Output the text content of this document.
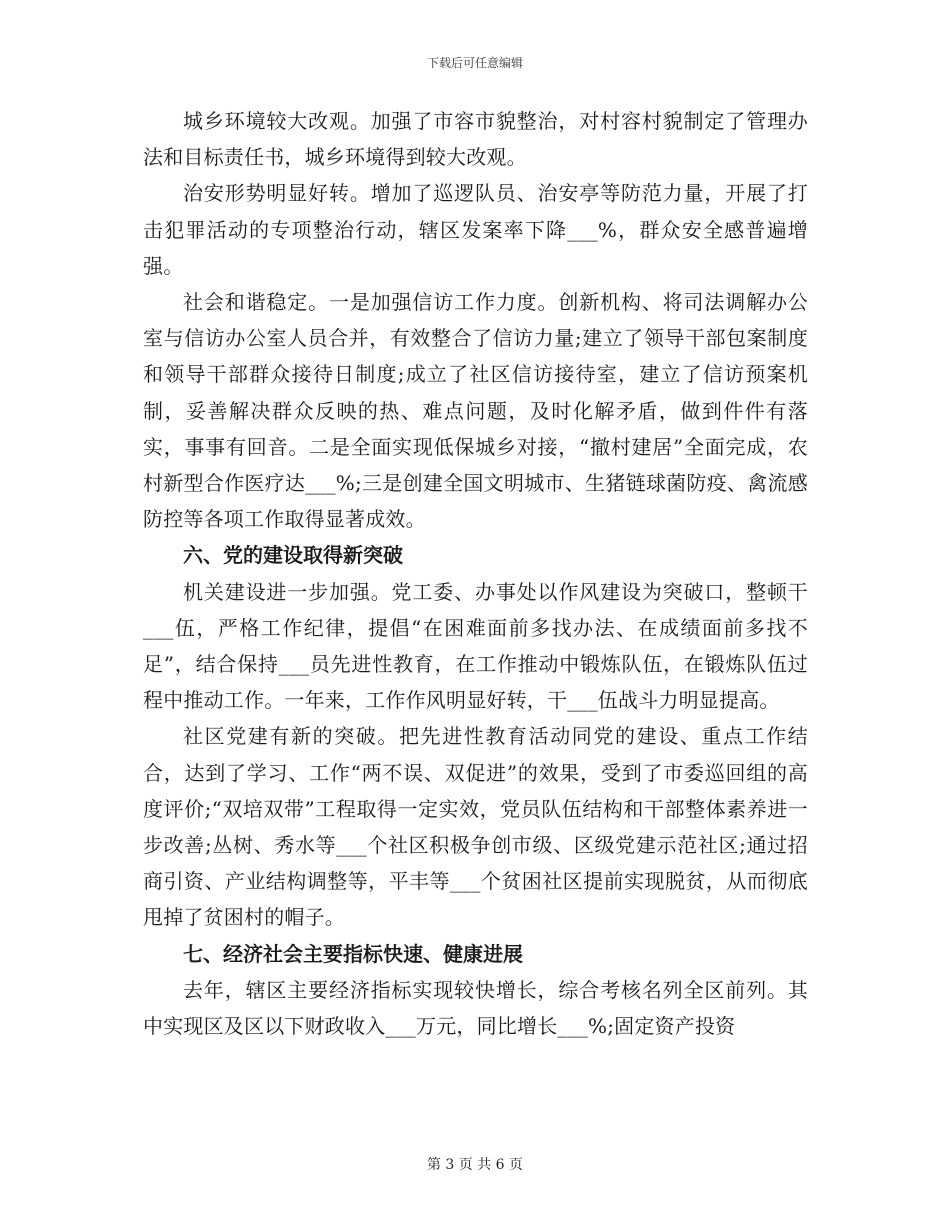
下载后可任意编辑

城乡环境较大改观。加强了市容市貌整治，对村容村貌制定了管理办法和目标责任书，城乡环境得到较大改观。

治安形势明显好转。增加了巡逻队员、治安亭等防范力量，开展了打击犯罪活动的专项整治行动，辖区发案率下降___%，群众安全感普遍增强。

社会和谐稳定。一是加强信访工作力度。创新机构、将司法调解办公室与信访办公室人员合并，有效整合了信访力量;建立了领导干部包案制度和领导干部群众接待日制度;成立了社区信访接待室，建立了信访预案机制，妥善解决群众反映的热、难点问题，及时化解矛盾，做到件件有落实，事事有回音。二是全面实现低保城乡对接，“撤村建居”全面完成，农村新型合作医疗达___%;三是创建全国文明城市、生猪链球菌防疫、禽流感防控等各项工作取得显著成效。

六、党的建设取得新突破

机关建设进一步加强。党工委、办事处以作风建设为突破口，整顿干___伍，严格工作纪律，提倡“在困难面前多找办法、在成绩面前多找不足”，结合保持___员先进性教育，在工作推动中锻炼队伍，在锻炼队伍过程中推动工作。一年来，工作作风明显好转，干___伍战斗力明显提高。

社区党建有新的突破。把先进性教育活动同党的建设、重点工作结合，达到了学习、工作“两不误、双促进”的效果，受到了市委巡回组的高度评价;“双培双带”工程取得一定实效，党员队伍结构和干部整体素养进一步改善;丛树、秀水等___个社区积极争创市级、区级党建示范社区;通过招商引资、产业结构调整等，平丰等___个贫困社区提前实现脱贫，从而彻底甩掉了贫困村的帽子。

七、经济社会主要指标快速、健康进展

去年，辖区主要经济指标实现较快增长，综合考核名列全区前列。其中实现区及区以下财政收入___万元，同比增长___%;固定资产投资

第 3 页 共 6 页
